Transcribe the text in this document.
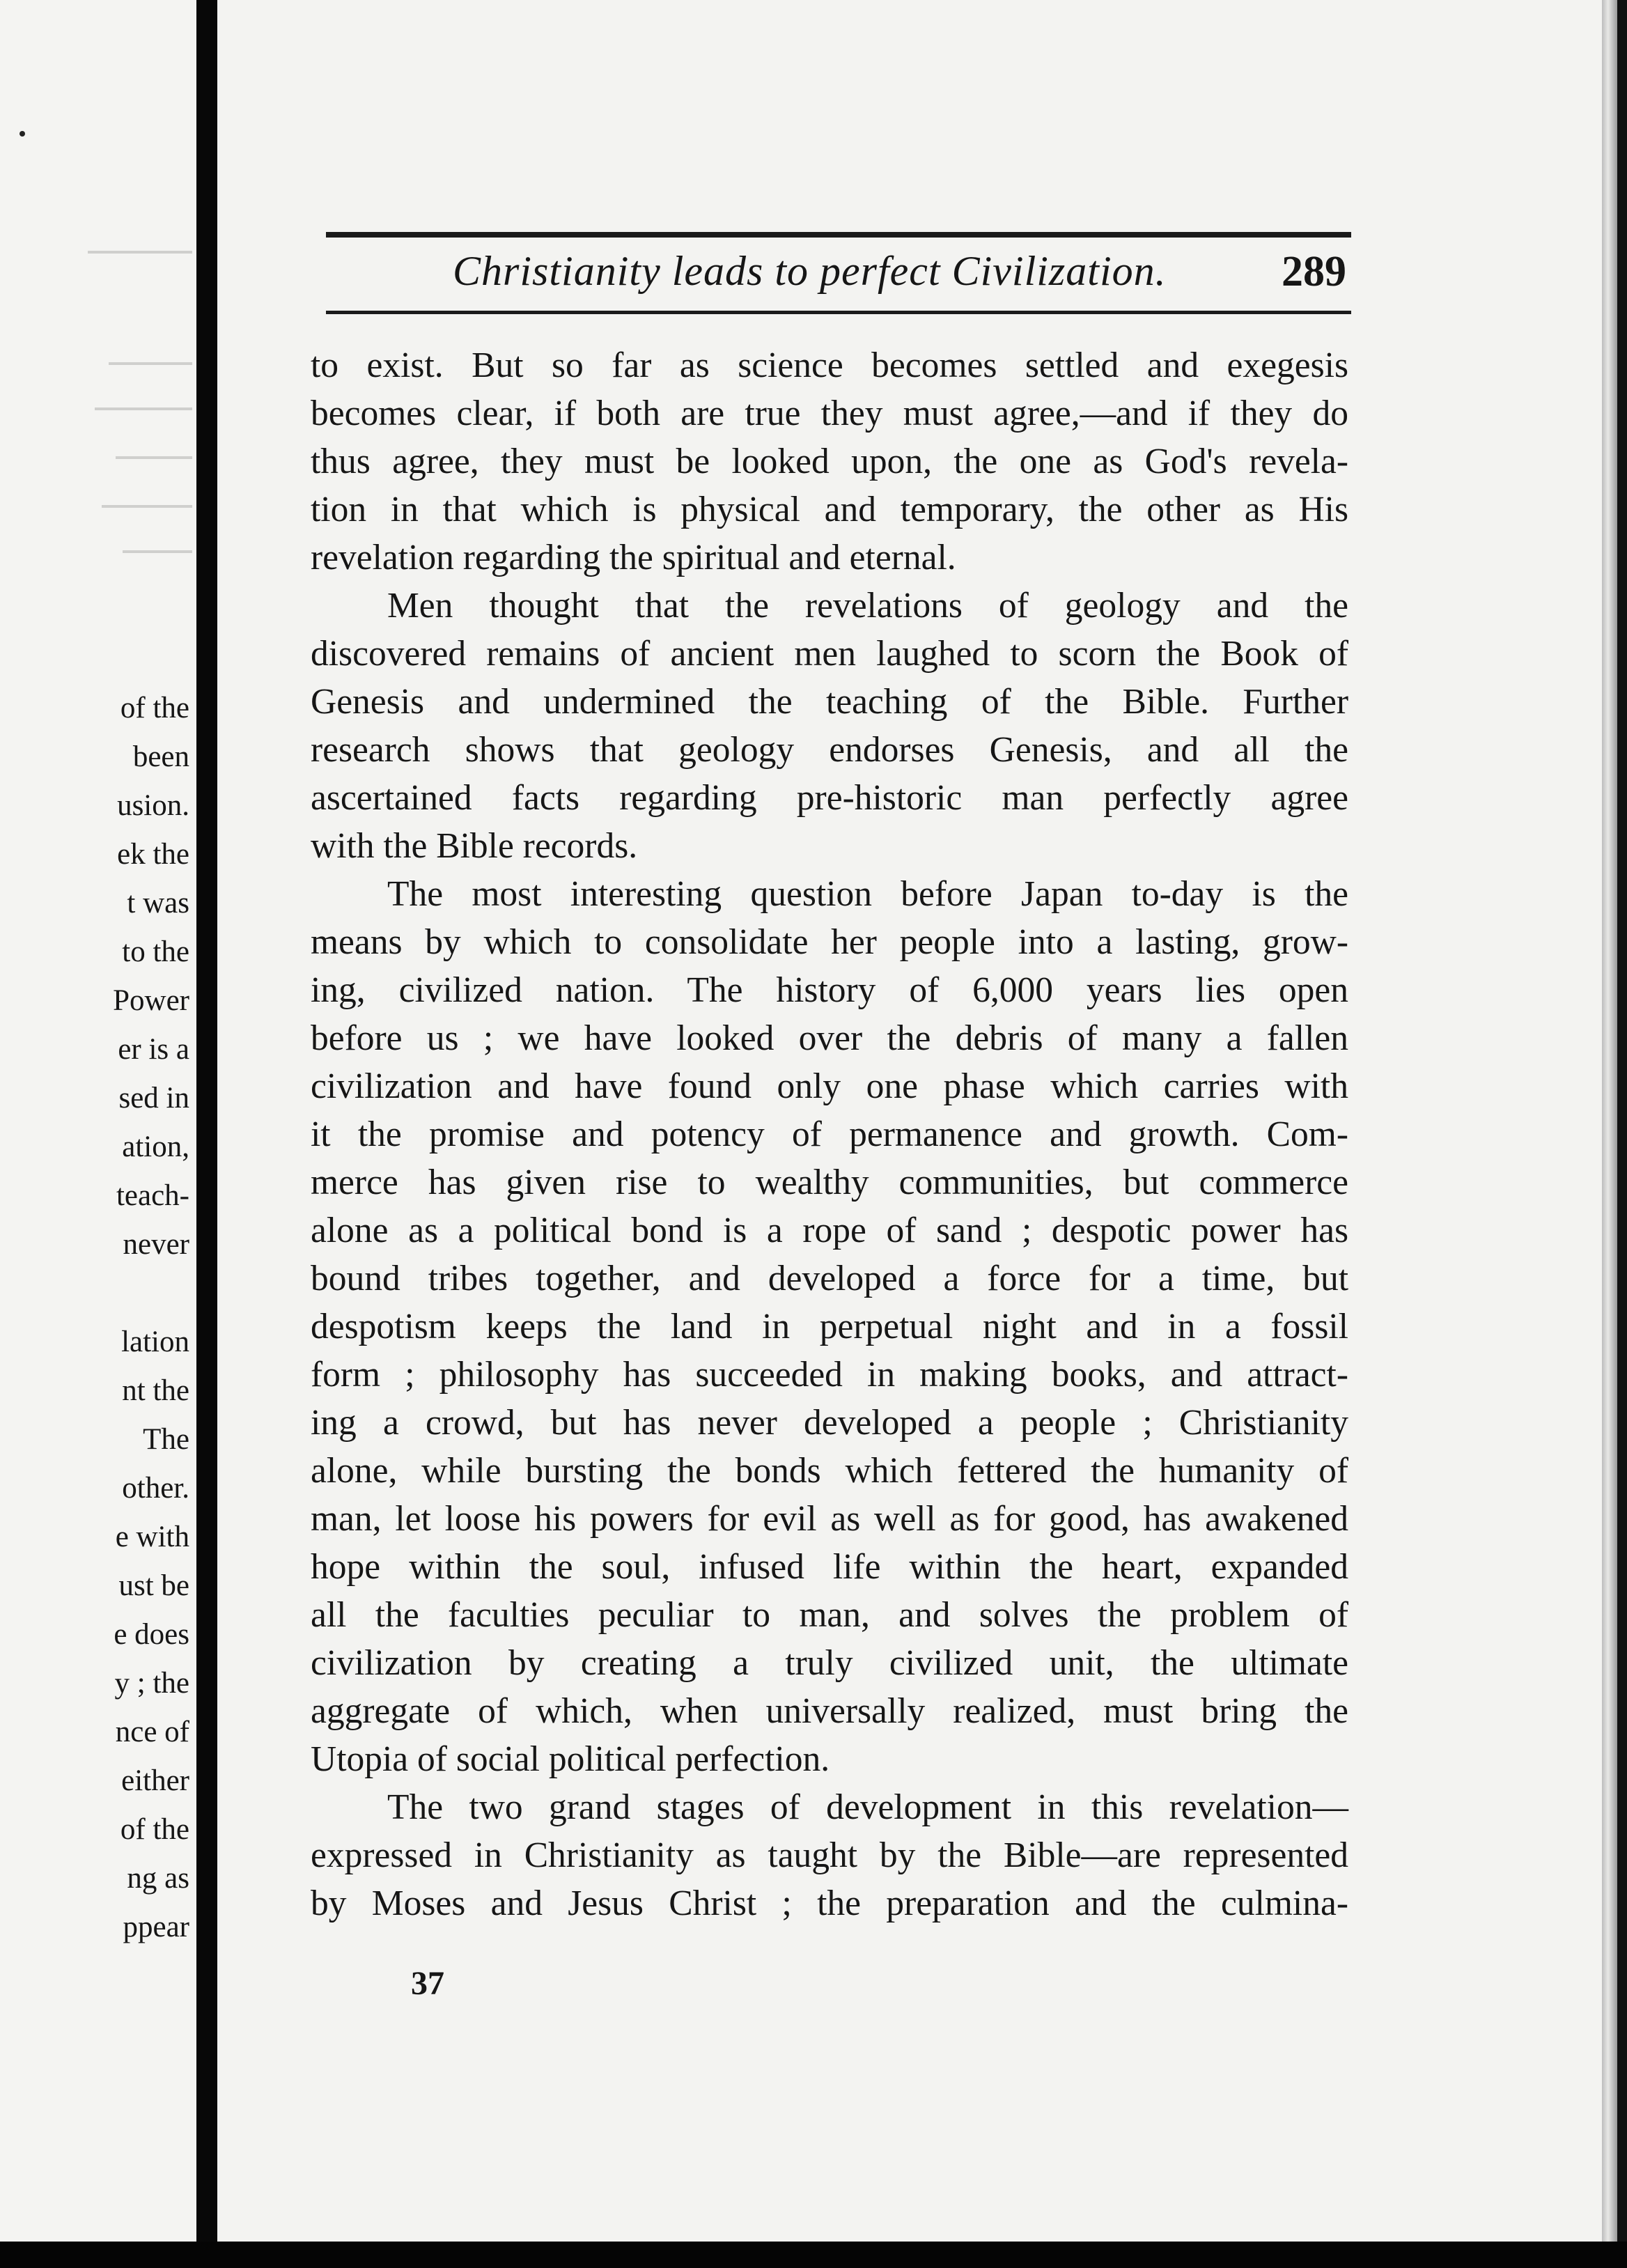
of the
been
usion.
ek the
t was
to the
Power
er is a
sed in
ation,
teach-
never
lation
nt the
The
other.
e with
ust be
e does
y ; the
nce of
either
of the
ng as
ppear
Christianity leads to perfect Civilization.	289
to exist. But so far as science becomes settled and exegesis
becomes clear, if both are true they must agree,—and if they do
thus agree, they must be looked upon, the one as God's revela-
tion in that which is physical and temporary, the other as His
revelation regarding the spiritual and eternal.
Men thought that the revelations of geology and the
discovered remains of ancient men laughed to scorn the Book of
Genesis and undermined the teaching of the Bible. Further
research shows that geology endorses Genesis, and all the
ascertained facts regarding pre-historic man perfectly agree
with the Bible records.
The most interesting question before Japan to-day is the
means by which to consolidate her people into a lasting, grow-
ing, civilized nation. The history of 6,000 years lies open
before us ; we have looked over the debris of many a fallen
civilization and have found only one phase which carries with
it the promise and potency of permanence and growth. Com-
merce has given rise to wealthy communities, but commerce
alone as a political bond is a rope of sand ; despotic power has
bound tribes together, and developed a force for a time, but
despotism keeps the land in perpetual night and in a fossil
form ; philosophy has succeeded in making books, and attract-
ing a crowd, but has never developed a people ; Christianity
alone, while bursting the bonds which fettered the humanity of
man, let loose his powers for evil as well as for good, has awakened
hope within the soul, infused life within the heart, expanded
all the faculties peculiar to man, and solves the problem of
civilization by creating a truly civilized unit, the ultimate
aggregate of which, when universally realized, must bring the
Utopia of social political perfection.
The two grand stages of development in this revelation—
expressed in Christianity as taught by the Bible—are represented
by Moses and Jesus Christ ; the preparation and the culmina-
37
